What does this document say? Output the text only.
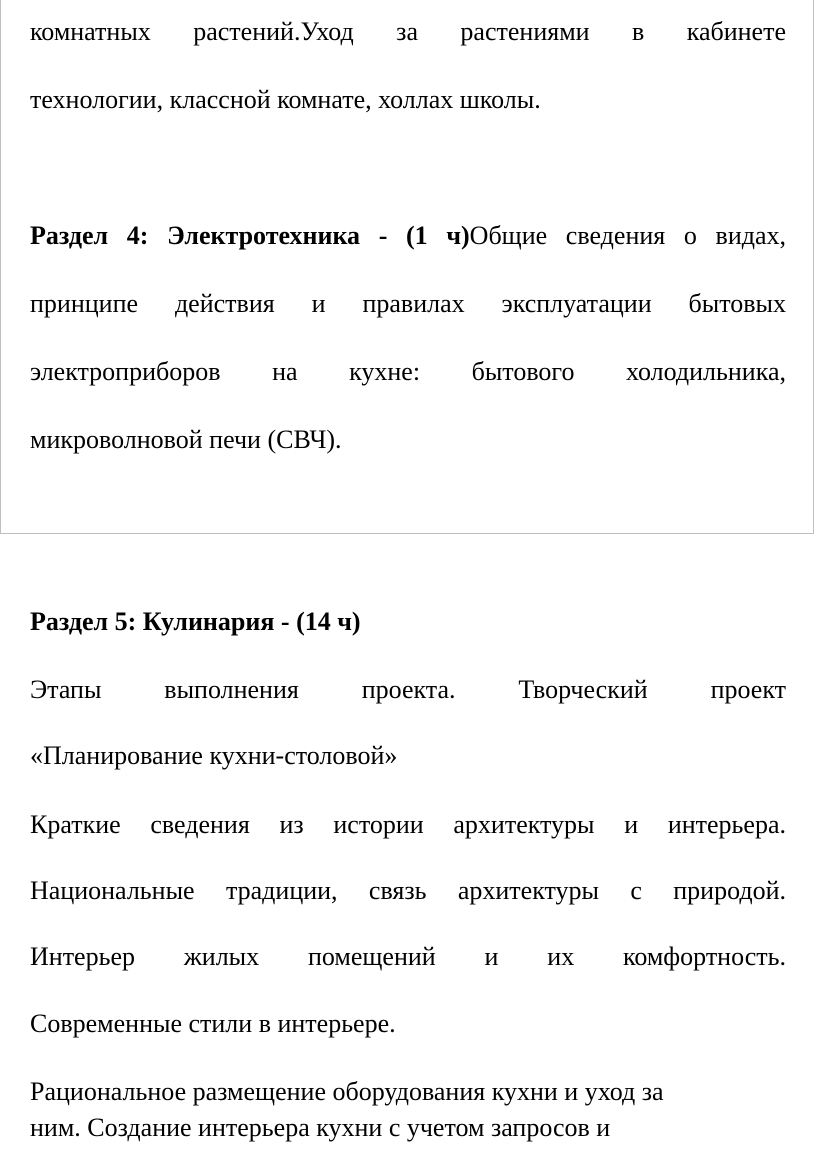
комнатных растений.Уход за растениями в кабинете
технологии, классной комнате, холлах школы.
Раздел 4: Электротехника - (1 ч)Общие сведения о видах,
принципе действия и правилах эксплуатации бытовых
электроприборов на кухне: бытового холодильника,
микроволновой печи (СВЧ).
Раздел 5: Кулинария - (14 ч)
Этапы выполнения проекта. Творческий проект
«Планирование кухни-столовой»
Краткие сведения из истории архитектуры и интерьера.
Национальные традиции, связь архитектуры с природой.
Интерьер жилых помещений и их комфортность.
Современные стили в интерьере.
Рациональное размещение оборудования кухни и уход за
ним. Создание интерьера кухни с учетом запросов и
